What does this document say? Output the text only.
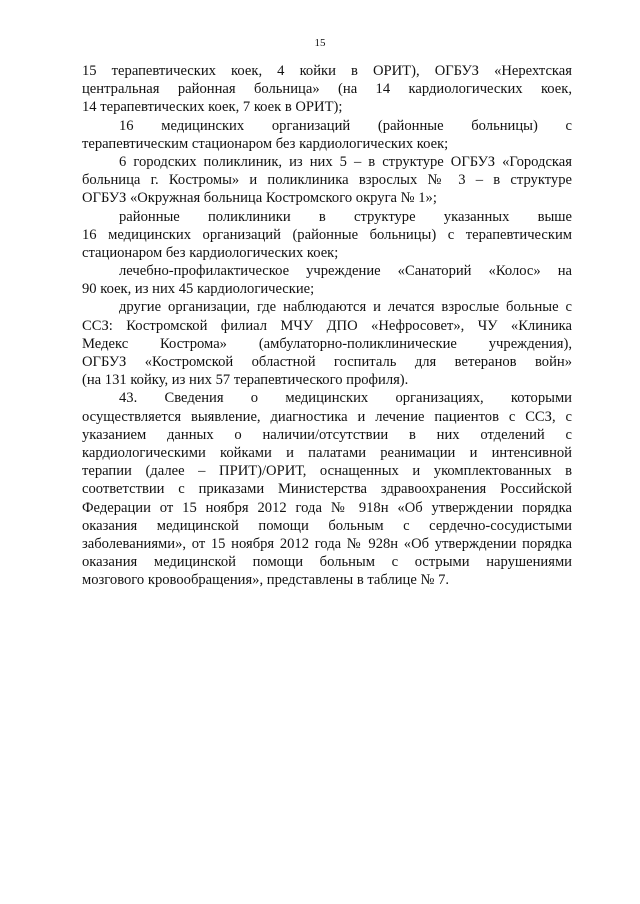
15
15 терапевтических коек, 4 койки в ОРИТ), ОГБУЗ «Нерехтская
центральная районная больница» (на 14 кардиологических коек,
14 терапевтических коек, 7 коек в ОРИТ);
16 медицинских организаций (районные больницы) с
терапевтическим стационаром без кардиологических коек;
6 городских поликлиник, из них 5 – в структуре ОГБУЗ «Городская
больница г. Костромы» и поликлиника взрослых № 3 – в структуре
ОГБУЗ «Окружная больница Костромского округа № 1»;
районные поликлиники в структуре указанных выше
16 медицинских организаций (районные больницы) с терапевтическим
стационаром без кардиологических коек;
лечебно-профилактическое учреждение «Санаторий «Колос» на
90 коек, из них 45 кардиологические;
другие организации, где наблюдаются и лечатся взрослые больные с
ССЗ: Костромской филиал МЧУ ДПО «Нефросовет», ЧУ «Клиника
Медекс Кострома» (амбулаторно-поликлинические учреждения),
ОГБУЗ «Костромской областной госпиталь для ветеранов войн»
(на 131 койку, из них 57 терапевтического профиля).
43. Сведения о медицинских организациях, которыми
осуществляется выявление, диагностика и лечение пациентов с ССЗ, с
указанием данных о наличии/отсутствии в них отделений с
кардиологическими койками и палатами реанимации и интенсивной
терапии (далее – ПРИТ)/ОРИТ, оснащенных и укомплектованных в
соответствии с приказами Министерства здравоохранения Российской
Федерации от 15 ноября 2012 года № 918н «Об утверждении порядка
оказания медицинской помощи больным с сердечно-сосудистыми
заболеваниями», от 15 ноября 2012 года № 928н «Об утверждении порядка
оказания медицинской помощи больным с острыми нарушениями
мозгового кровообращения», представлены в таблице № 7.
